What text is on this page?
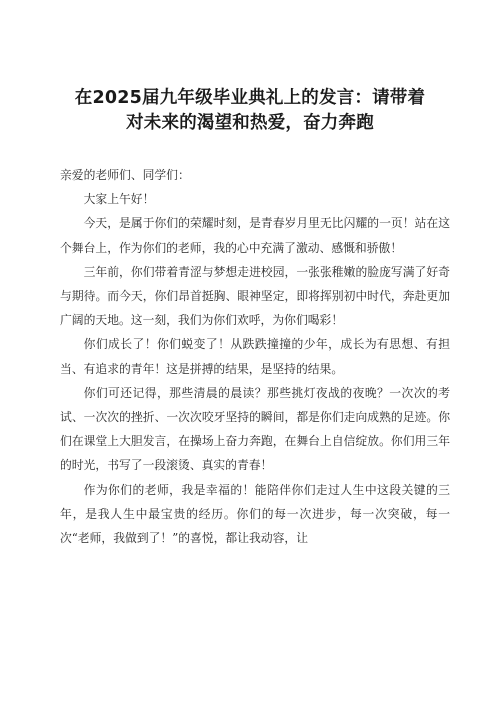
在2025届九年级毕业典礼上的发言：请带着
对未来的渴望和热爱，奋力奔跑

亲爱的老师们、同学们：

大家上午好！

今天，是属于你们的荣耀时刻，是青春岁月里无比闪耀的一页！站在这个舞台上，作为你们的老师，我的心中充满了激动、感慨和骄傲！

三年前，你们带着青涩与梦想走进校园，一张张稚嫩的脸庞写满了好奇与期待。而今天，你们昂首挺胸、眼神坚定，即将挥别初中时代，奔赴更加广阔的天地。这一刻，我们为你们欢呼，为你们喝彩！

你们成长了！你们蜕变了！从跌跌撞撞的少年，成长为有思想、有担当、有追求的青年！这是拼搏的结果，是坚持的结果。

你们可还记得，那些清晨的晨读？那些挑灯夜战的夜晚？一次次的考试、一次次的挫折、一次次咬牙坚持的瞬间，都是你们走向成熟的足迹。你们在课堂上大胆发言，在操场上奋力奔跑，在舞台上自信绽放。你们用三年的时光，书写了一段滚烫、真实的青春！

作为你们的老师，我是幸福的！能陪伴你们走过人生中这段关键的三年，是我人生中最宝贵的经历。你们的每一次进步，每一次突破，每一次“老师，我做到了！”的喜悦，都让我动容，让
